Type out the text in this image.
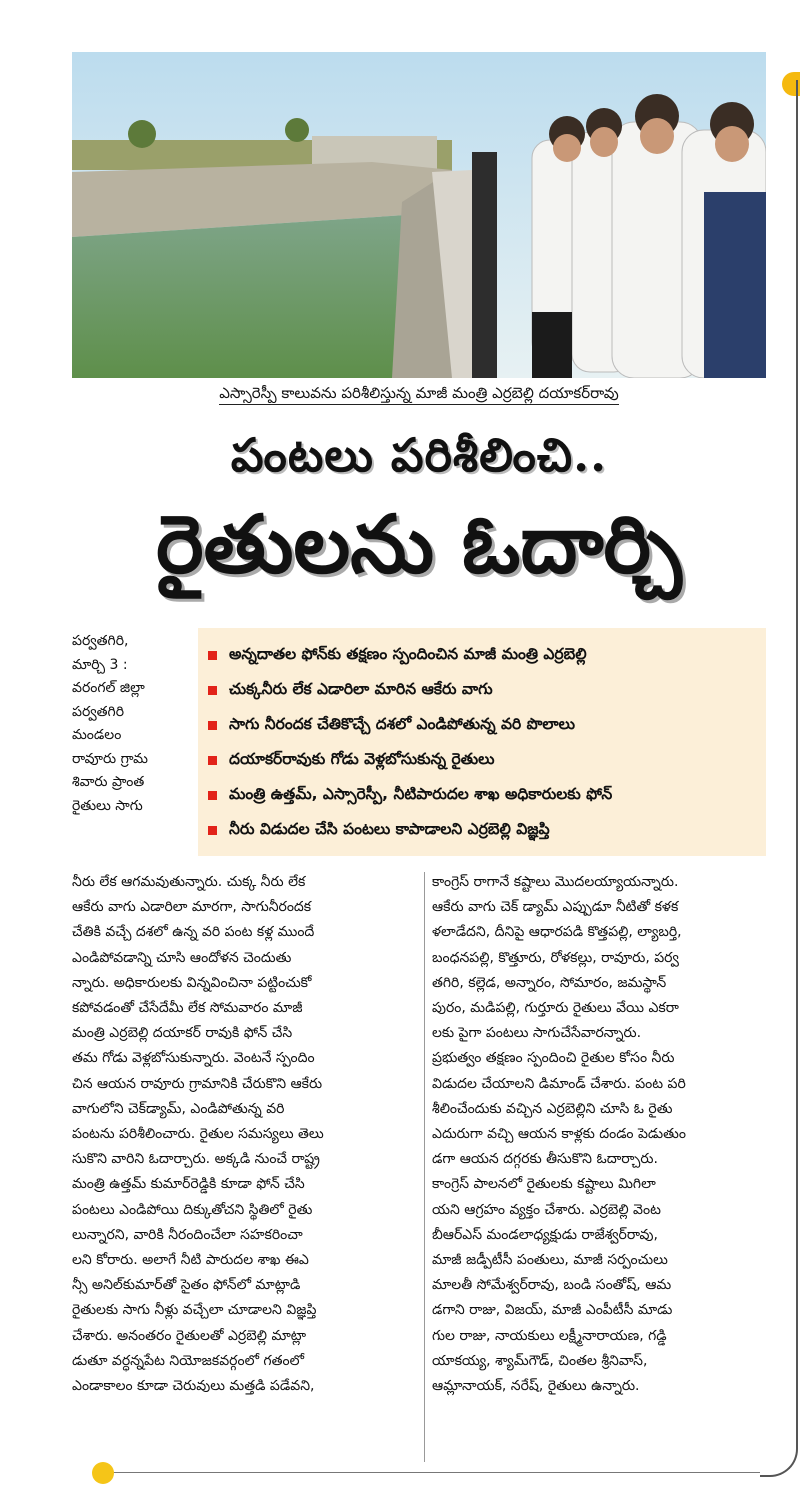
ఎస్సారెస్పీ కాలువను పరిశీలిస్తున్న మాజీ మంత్రి ఎర్రబెల్లి దయాకర్‌రావు
పంటలు పరిశీలించి..
రైతులను ఓదార్చి
పర్వతగిరి,
మార్చి 3 :
వరంగల్ జిల్లా
పర్వతగిరి
మండలం
రావూరు గ్రామ
శివారు ప్రాంత
రైతులు సాగు
అన్నదాతల ఫోన్‌కు తక్షణం స్పందించిన మాజీ మంత్రి ఎర్రబెల్లి
చుక్కనీరు లేక ఎడారిలా మారిన ఆకేరు వాగు
సాగు నీరందక చేతికొచ్చే దశలో ఎండిపోతున్న వరి పొలాలు
దయాకర్‌రావుకు గోడు వెళ్లబోసుకున్న రైతులు
మంత్రి ఉత్తమ్, ఎస్సారెస్పీ, నీటిపారుదల శాఖ అధికారులకు ఫోన్
నీరు విడుదల చేసి పంటలు కాపాడాలని ఎర్రబెల్లి విజ్ఞప్తి
నీరు లేక ఆగమవుతున్నారు. చుక్క నీరు లేక
ఆకేరు వాగు ఎడారిలా మారగా, సాగునీరందక
చేతికి వచ్చే దశలో ఉన్న వరి పంట కళ్ల ముందే
ఎండిపోవడాన్ని చూసి ఆందోళన చెందుతు
న్నారు. అధికారులకు విన్నవించినా పట్టించుకో
కపోవడంతో చేసేదేమీ లేక సోమవారం మాజీ
మంత్రి ఎర్రబెల్లి దయాకర్ రావుకి ఫోన్ చేసి
తమ గోడు వెళ్లబోసుకున్నారు. వెంటనే స్పందిం
చిన ఆయన రావూరు గ్రామానికి చేరుకొని ఆకేరు
వాగులోని చెక్‌డ్యామ్, ఎండిపోతున్న వరి
పంటను పరిశీలించారు. రైతుల సమస్యలు తెలు
సుకొని వారిని ఓదార్చారు. అక్కడి నుంచే రాష్ట్ర
మంత్రి ఉత్తమ్ కుమార్‌రెడ్డికి కూడా ఫోన్ చేసి
పంటలు ఎండిపోయి దిక్కుతోచని స్థితిలో రైతు
లున్నారని, వారికి నీరందించేలా సహకరించా
లని కోరారు. అలాగే నీటి పారుదల శాఖ ఈఎ
న్సీ అనిల్‌కుమార్‌తో సైతం ఫోన్‌లో మాట్లాడి
రైతులకు సాగు నీళ్లు వచ్చేలా చూడాలని విజ్ఞప్తి
చేశారు. అనంతరం రైతులతో ఎర్రబెల్లి మాట్లా
డుతూ వర్ధన్నపేట నియోజకవర్గంలో గతంలో
ఎండాకాలం కూడా చెరువులు మత్తడి పడేవని,
కాంగ్రెస్ రాగానే కష్టాలు మొదలయ్యాయన్నారు.
ఆకేరు వాగు చెక్ డ్యామ్ ఎప్పుడూ నీటితో కళక
ళలాడేదని, దీనిపై ఆధారపడి కొత్తపల్లి, ల్యాబర్తి,
బంధనపల్లి, కొత్తూరు, రోళకల్లు, రావూరు, పర్వ
తగిరి, కల్లెడ, అన్నారం, సోమారం, జమస్థాన్
పురం, మడిపల్లి, గుర్తూరు రైతులు వేయి ఎకరా
లకు పైగా పంటలు సాగుచేసేవారన్నారు.
ప్రభుత్వం తక్షణం స్పందించి రైతుల కోసం నీరు
విడుదల చేయాలని డిమాండ్ చేశారు. పంట పరి
శీలించేందుకు వచ్చిన ఎర్రబెల్లిని చూసి ఓ రైతు
ఎదురుగా వచ్చి ఆయన కాళ్లకు దండం పెడుతుం
డగా ఆయన దగ్గరకు తీసుకొని ఓదార్చారు.
కాంగ్రెస్ పాలనలో రైతులకు కష్టాలు మిగిలా
యని ఆగ్రహం వ్యక్తం చేశారు. ఎర్రబెల్లి వెంట
బీఆర్ఎస్ మండలాధ్యక్షుడు రాజేశ్వర్‌రావు,
మాజీ జడ్పీటీసీ పంతులు, మాజీ సర్పంచులు
మాలతీ సోమేశ్వర్‌రావు, బండి సంతోష్, ఆమ
డగాని రాజు, విజయ్, మాజీ ఎంపీటీసీ మాడు
గుల రాజు, నాయకులు లక్ష్మీనారాయణ, గడ్డి
యాకయ్య, శ్యామ్‌గౌడ్, చింతల శ్రీనివాస్,
ఆమ్లానాయక్, నరేష్, రైతులు ఉన్నారు.
